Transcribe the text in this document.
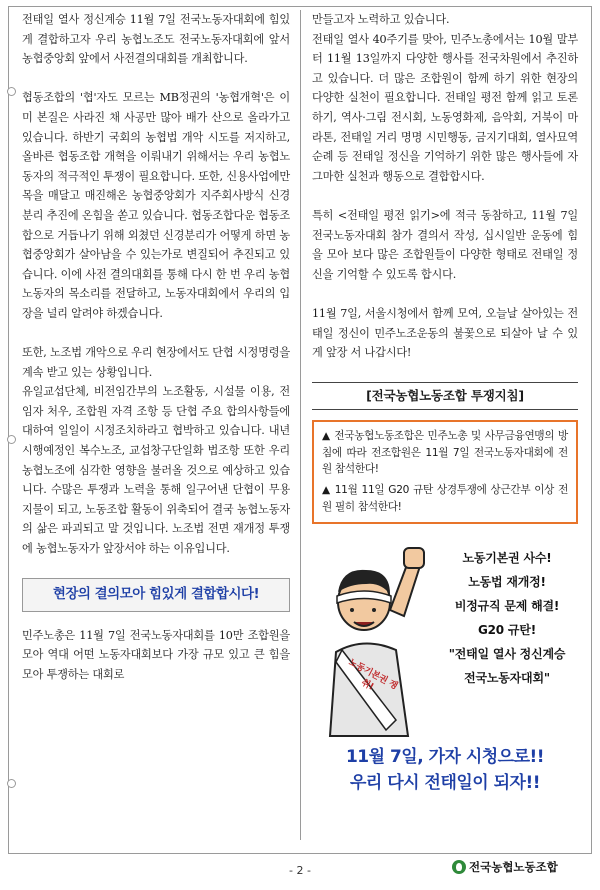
전태일 열사 정신계승 11월 7일 전국노동자대회에 힘있게 결합하고자 우리 농협노조도 전국노동자대회에 앞서 농협중앙회 앞에서 사전결의대회를 개최합니다.

협동조합의 '협'자도 모르는 MB정권의 '농협개혁'은 이미 본질은 사라진 채 사공만 많아 배가 산으로 올라가고 있습니다. 하반기 국회의 농협법 개악 시도를 저지하고, 올바른 협동조합 개혁을 이뤄내기 위해서는 우리 농협노동자의 적극적인 투쟁이 필요합니다. 또한, 신용사업에만 목을 매달고 매진해온 농협중앙회가 지주회사방식 신경분리 추진에 온힘을 쏟고 있습니다. 협동조합다운 협동조합으로 거듭나기 위해 외쳤던 신경분리가 어떻게 하면 농협중앙회가 살아남을 수 있는가로 변질되어 추진되고 있습니다. 이에 사전 결의대회를 통해 다시 한 번 우리 농협노동자의 목소리를 전달하고, 노동자대회에서 우리의 입장을 널리 알려야 하겠습니다.

또한, 노조법 개악으로 우리 현장에서도 단협 시정명령을 계속 받고 있는 상황입니다.

유일교섭단체, 비전임간부의 노조활동, 시설물 이용, 전임자 처우, 조합원 자격 조항 등 단협 주요 합의사항들에 대하여 일일이 시정조치하라고 협박하고 있습니다. 내년 시행예정인 복수노조, 교섭창구단일화 법조항 또한 우리 농협노조에 심각한 영향을 불러올 것으로 예상하고 있습니다. 수많은 투쟁과 노력을 통해 일구어낸 단협이 무용지물이 되고, 노동조합 활동이 위축되어 결국 농협노동자의 삶은 파괴되고 말 것입니다. 노조법 전면 재개정 투쟁에 농협노동자가 앞장서야 하는 이유입니다.

현장의 결의모아 힘있게 결합합시다!

민주노총은 11월 7일 전국노동자대회를 10만 조합원을 모아 역대 어떤 노동자대회보다 가장 규모 있고 큰 힘을 모아 투쟁하는 대회로

만들고자 노력하고 있습니다.

전태일 열사 40주기를 맞아, 민주노총에서는 10월 말부터 11월 13일까지 다양한 행사를 전국차원에서 추진하고 있습니다. 더 많은 조합원이 함께 하기 위한 현장의 다양한 실천이 필요합니다. 전태일 평전 함께 읽고 토론하기, 역사·그림 전시회, 노동영화제, 음악회, 거북이 마라톤, 전태일 거리 명명 시민행동, 금지기대회, 열사묘역순례 등 전태일 정신을 기억하기 위한 많은 행사들에 자그마한 실천과 행동으로 결합합시다.

특히 <전태일 평전 읽기>에 적극 동참하고, 11월 7일 전국노동자대회 참가 결의서 작성, 십시일반 운동에 힘을 모아 보다 많은 조합원들이 다양한 형태로 전태일 정신을 기억할 수 있도록 합시다.

11월 7일, 서울시청에서 함께 모여, 오늘날 살아있는 전태일 정신이 민주노조운동의 불꽃으로 되살아 날 수 있게 앞장 서 나갑시다!

[전국농협노동조합 투쟁지침]
▲ 전국농협노동조합은 민주노총 및 사무금융연맹의 방침에 따라 전조합원은 11월 7일 전국노동자대회에 전원 참석한다!
▲ 11월 11일 G20 규탄 상경투쟁에 상근간부 이상 전원 필히 참석한다!
노동기본권 쟁취!
노동기본권 사수!
노동법 재개정!
비정규직 문제 해결!
G20 규탄!
"전태일 열사 정신계승
전국노동자대회"
11월 7일, 가자 시청으로!!
우리 다시 전태일이 되자!!
- 2 -	전국농협노동조합
